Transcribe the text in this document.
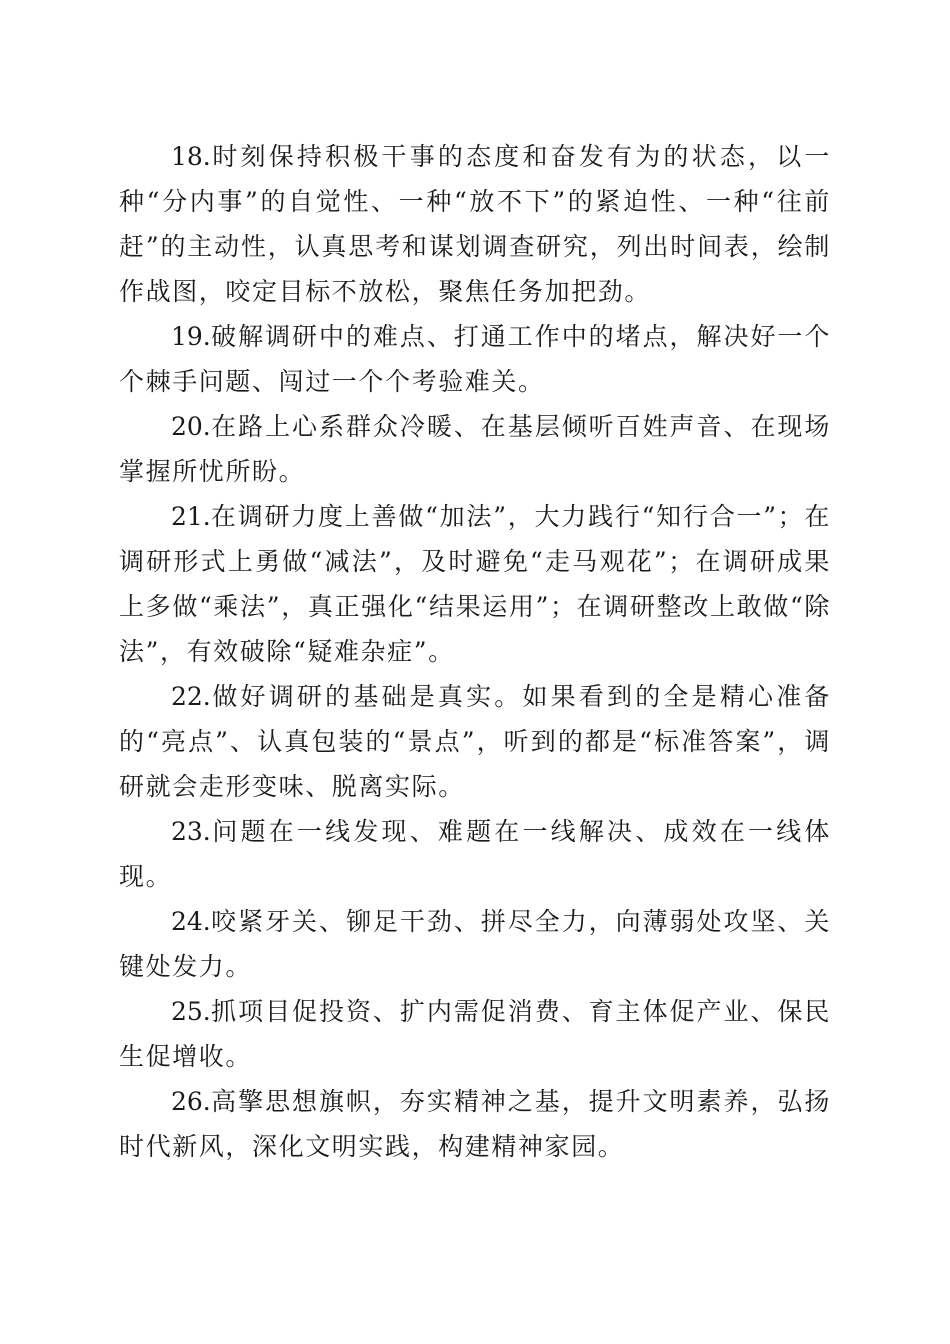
18.时刻保持积极干事的态度和奋发有为的状态，以一种“分内事”的自觉性、一种“放不下”的紧迫性、一种“往前赶”的主动性，认真思考和谋划调查研究，列出时间表，绘制作战图，咬定目标不放松，聚焦任务加把劲。

19.破解调研中的难点、打通工作中的堵点，解决好一个个棘手问题、闯过一个个考验难关。

20.在路上心系群众冷暖、在基层倾听百姓声音、在现场掌握所忧所盼。

21.在调研力度上善做“加法”，大力践行“知行合一”；在调研形式上勇做“减法”，及时避免“走马观花”；在调研成果上多做“乘法”，真正强化“结果运用”；在调研整改上敢做“除法”，有效破除“疑难杂症”。

22.做好调研的基础是真实。如果看到的全是精心准备的“亮点”、认真包装的“景点”，听到的都是“标准答案”，调研就会走形变味、脱离实际。

23.问题在一线发现、难题在一线解决、成效在一线体现。

24.咬紧牙关、铆足干劲、拼尽全力，向薄弱处攻坚、关键处发力。

25.抓项目促投资、扩内需促消费、育主体促产业、保民生促增收。

26.高擎思想旗帜，夯实精神之基，提升文明素养，弘扬时代新风，深化文明实践，构建精神家园。
